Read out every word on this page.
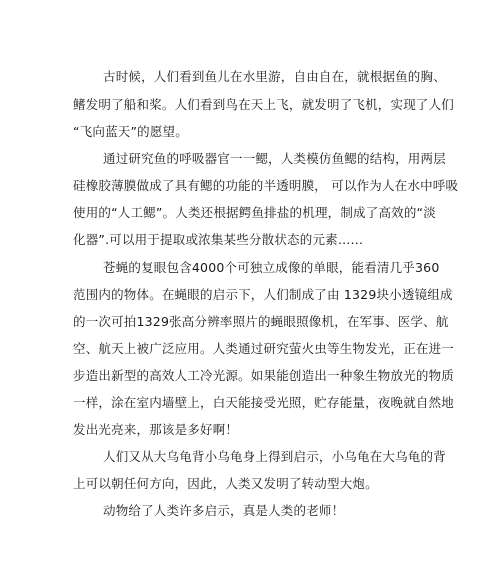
古时候，人们看到鱼儿在水里游，自由自在，就根据鱼的胸、
鳍发明了船和桨。人们看到鸟在天上飞，就发明了飞机，实现了人们
“飞向蓝天”的愿望。
通过研究鱼的呼吸器官一一鳃，人类模仿鱼鳃的结构，用两层
硅橡胶薄膜做成了具有鳃的功能的半透明膜， 可以作为人在水中呼吸
使用的“人工鳃”。人类还根据鳄鱼排盐的机理，制成了高效的“淡
化器”.可以用于提取或浓集某些分散状态的元素……
苍蝇的复眼包含4000个可独立成像的单眼，能看清几乎360
范围内的物体。在蝇眼的启示下，人们制成了由 1329块小透镜组成
的一次可拍1329张高分辨率照片的蝇眼照像机，在军事、医学、航
空、航天上被广泛应用。人类通过研究萤火虫等生物发光，正在进一
步造出新型的高效人工冷光源。如果能创造出一种象生物放光的物质
一样，涂在室内墙壁上，白天能接受光照，贮存能量，夜晚就自然地
发出光亮来，那该是多好啊！
人们又从大乌龟背小乌龟身上得到启示，小乌龟在大乌龟的背
上可以朝任何方向，因此，人类又发明了转动型大炮。
动物给了人类许多启示，真是人类的老师！
